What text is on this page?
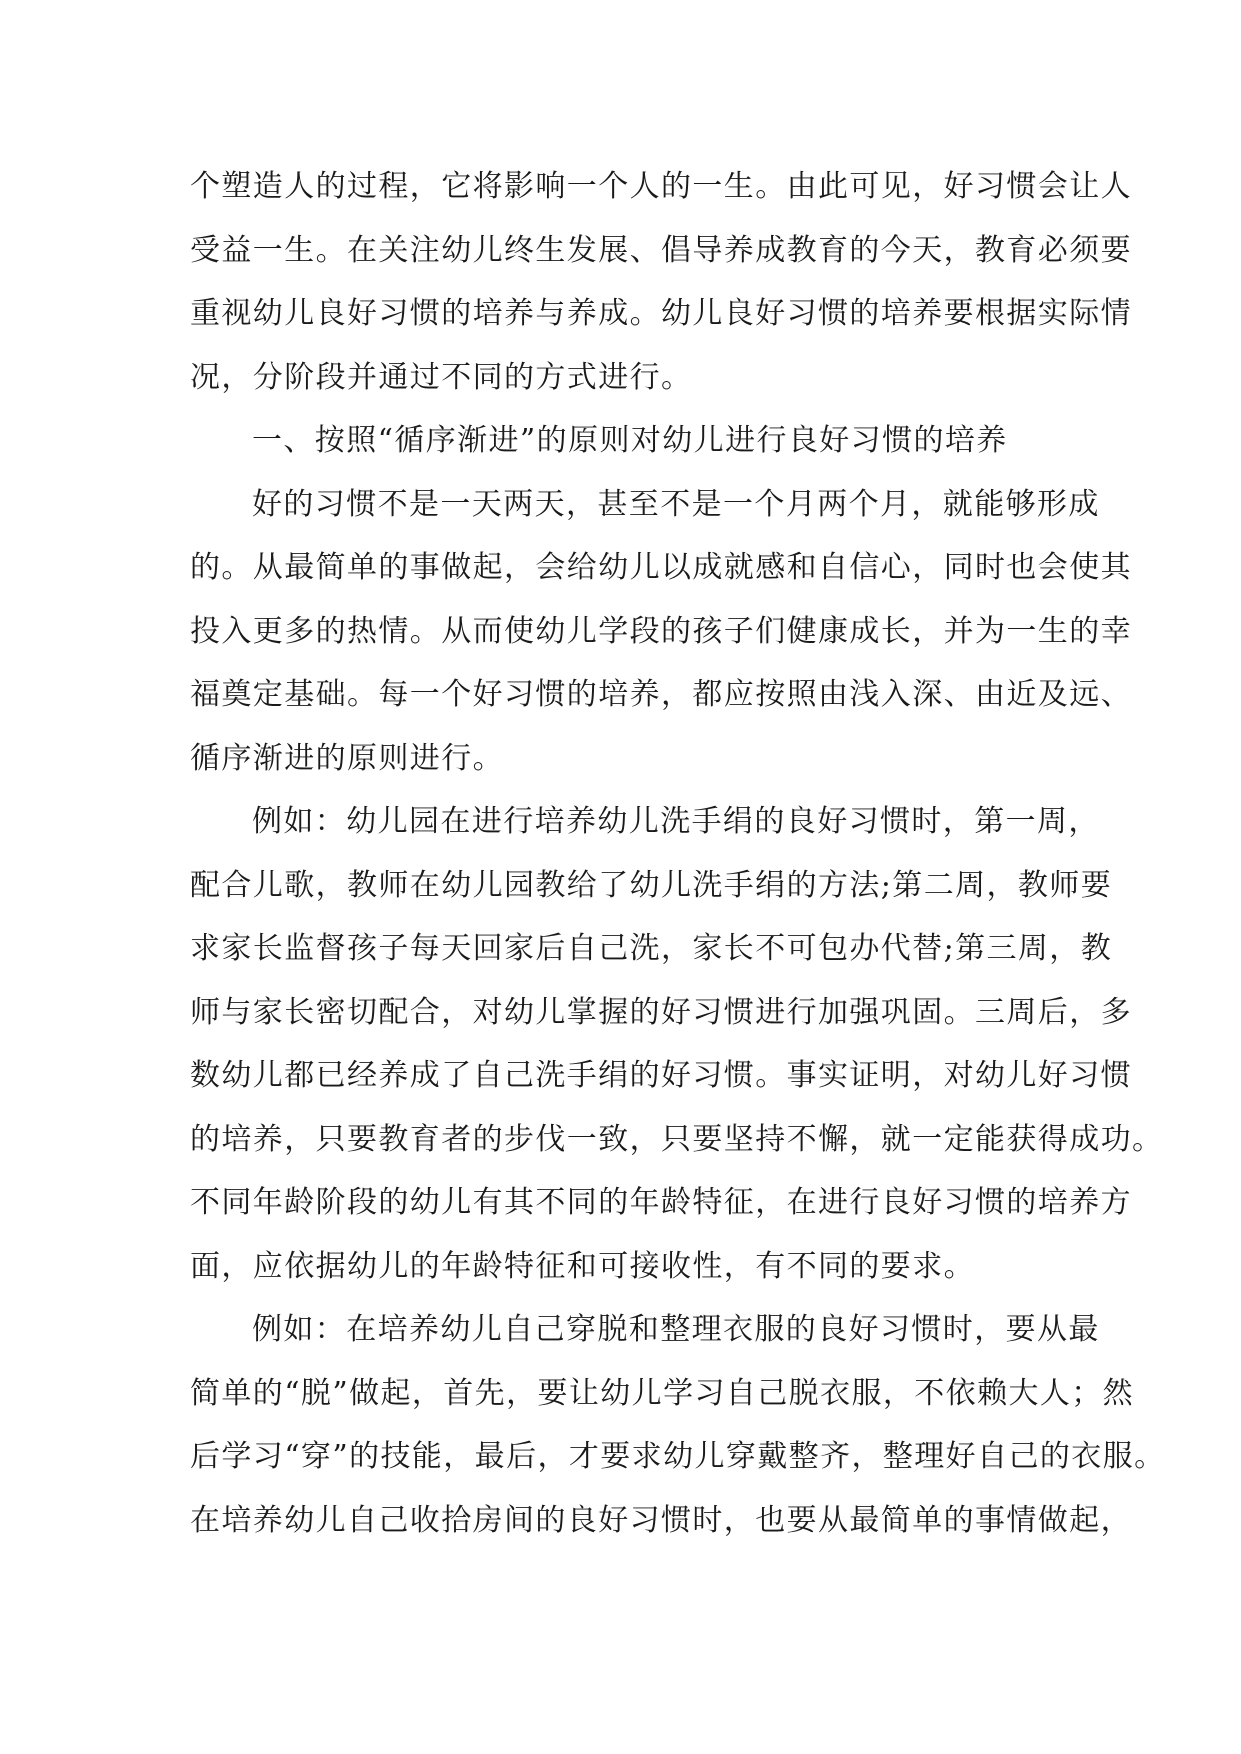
个塑造人的过程，它将影响一个人的一生。由此可见，好习惯会让人
受益一生。在关注幼儿终生发展、倡导养成教育的今天，教育必须要
重视幼儿良好习惯的培养与养成。幼儿良好习惯的培养要根据实际情
况，分阶段并通过不同的方式进行。
一、按照“循序渐进”的原则对幼儿进行良好习惯的培养
好的习惯不是一天两天，甚至不是一个月两个月，就能够形成
的。从最简单的事做起，会给幼儿以成就感和自信心，同时也会使其
投入更多的热情。从而使幼儿学段的孩子们健康成长，并为一生的幸
福奠定基础。每一个好习惯的培养，都应按照由浅入深、由近及远、
循序渐进的原则进行。
例如：幼儿园在进行培养幼儿洗手绢的良好习惯时，第一周，
配合儿歌，教师在幼儿园教给了幼儿洗手绢的方法;第二周，教师要
求家长监督孩子每天回家后自己洗，家长不可包办代替;第三周，教
师与家长密切配合，对幼儿掌握的好习惯进行加强巩固。三周后，多
数幼儿都已经养成了自己洗手绢的好习惯。事实证明，对幼儿好习惯
的培养，只要教育者的步伐一致，只要坚持不懈，就一定能获得成功。
不同年龄阶段的幼儿有其不同的年龄特征，在进行良好习惯的培养方
面，应依据幼儿的年龄特征和可接收性，有不同的要求。
例如：在培养幼儿自己穿脱和整理衣服的良好习惯时，要从最
简单的“脱”做起，首先，要让幼儿学习自己脱衣服，不依赖大人；然
后学习“穿”的技能，最后，才要求幼儿穿戴整齐，整理好自己的衣服。
在培养幼儿自己收拾房间的良好习惯时，也要从最简单的事情做起，
